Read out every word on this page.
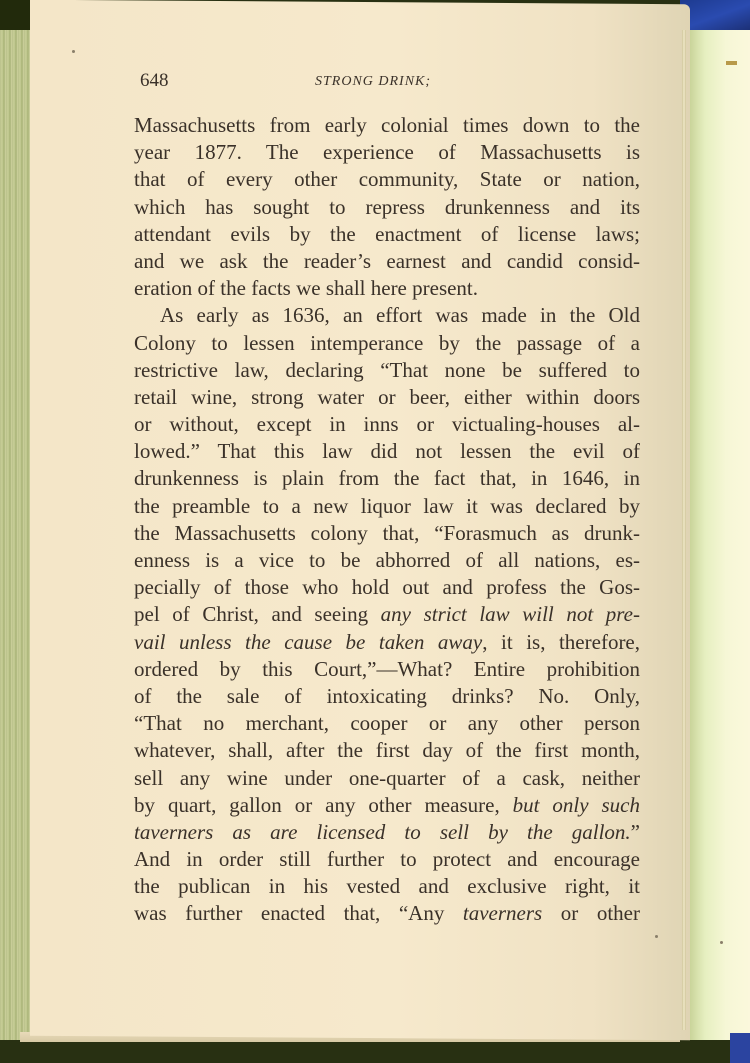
648	STRONG DRINK;
Massachusetts from early colonial times down to the
year 1877. The experience of Massachusetts is
that of every other community, State or nation,
which has sought to repress drunkenness and its
attendant evils by the enactment of license laws;
and we ask the reader’s earnest and candid consid-
eration of the facts we shall here present.
As early as 1636, an effort was made in the Old
Colony to lessen intemperance by the passage of a
restrictive law, declaring “That none be suffered to
retail wine, strong water or beer, either within doors
or without, except in inns or victualing-houses al-
lowed.” That this law did not lessen the evil of
drunkenness is plain from the fact that, in 1646, in
the preamble to a new liquor law it was declared by
the Massachusetts colony that, “Forasmuch as drunk-
enness is a vice to be abhorred of all nations, es-
pecially of those who hold out and profess the Gos-
pel of Christ, and seeing any strict law will not pre-
vail unless the cause be taken away, it is, therefore,
ordered by this Court,”—What? Entire prohibition
of the sale of intoxicating drinks? No. Only,
“That no merchant, cooper or any other person
whatever, shall, after the first day of the first month,
sell any wine under one-quarter of a cask, neither
by quart, gallon or any other measure, but only such
taverners as are licensed to sell by the gallon.”
And in order still further to protect and encourage
the publican in his vested and exclusive right, it
was further enacted that, “Any taverners or other
